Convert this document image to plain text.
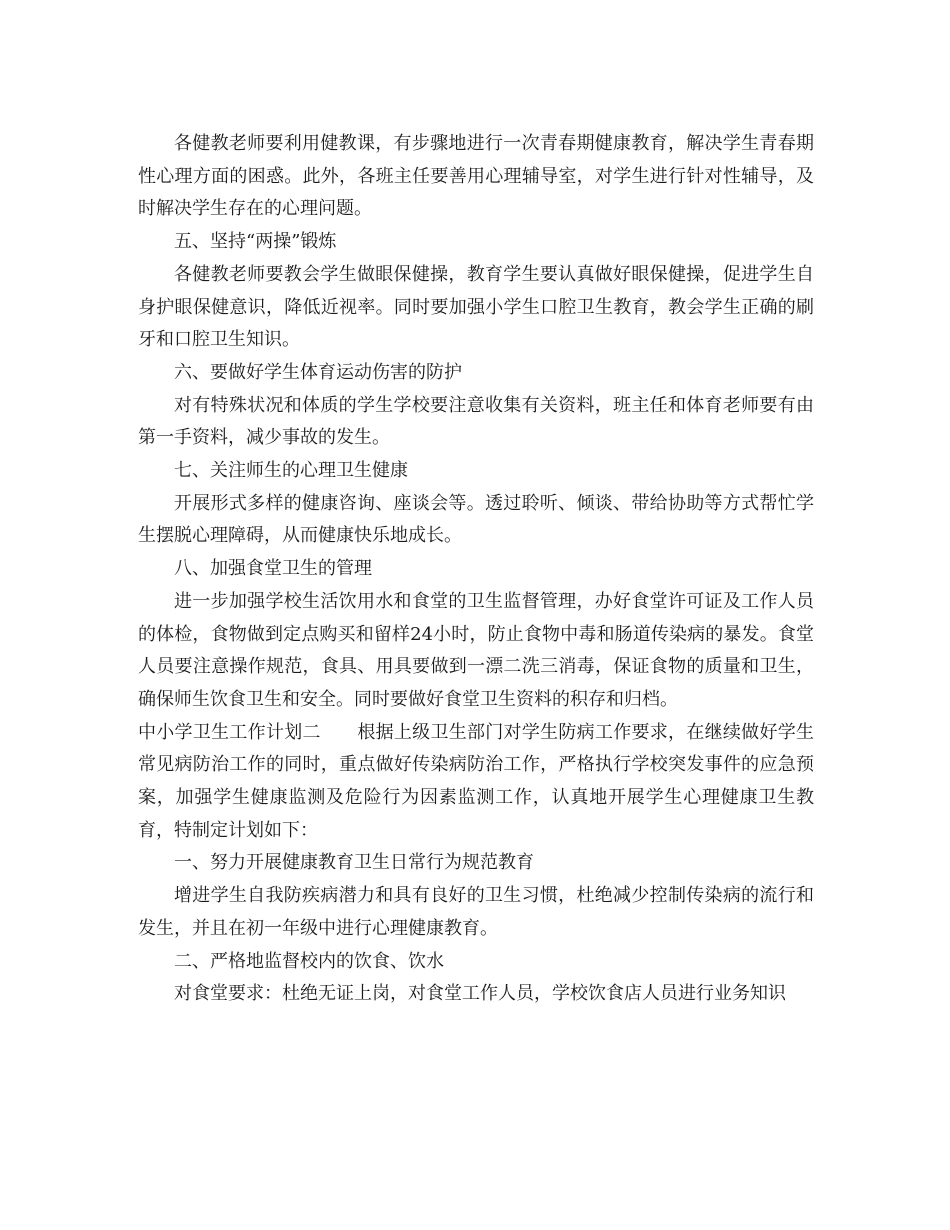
各健教老师要利用健教课，有步骤地进行一次青春期健康教育，解决学生青春期性心理方面的困惑。此外，各班主任要善用心理辅导室，对学生进行针对性辅导，及时解决学生存在的心理问题。

五、坚持“两操”锻炼

各健教老师要教会学生做眼保健操，教育学生要认真做好眼保健操，促进学生自身护眼保健意识，降低近视率。同时要加强小学生口腔卫生教育，教会学生正确的刷牙和口腔卫生知识。

六、要做好学生体育运动伤害的防护

对有特殊状况和体质的学生学校要注意收集有关资料，班主任和体育老师要有由第一手资料，减少事故的发生。

七、关注师生的心理卫生健康

开展形式多样的健康咨询、座谈会等。透过聆听、倾谈、带给协助等方式帮忙学生摆脱心理障碍，从而健康快乐地成长。

八、加强食堂卫生的管理

进一步加强学校生活饮用水和食堂的卫生监督管理，办好食堂许可证及工作人员的体检，食物做到定点购买和留样24小时，防止食物中毒和肠道传染病的暴发。食堂人员要注意操作规范，食具、用具要做到一漂二洗三消毒，保证食物的质量和卫生，确保师生饮食卫生和安全。同时要做好食堂卫生资料的积存和归档。

中小学卫生工作计划二　　根据上级卫生部门对学生防病工作要求，在继续做好学生常见病防治工作的同时，重点做好传染病防治工作，严格执行学校突发事件的应急预案，加强学生健康监测及危险行为因素监测工作，认真地开展学生心理健康卫生教育，特制定计划如下：

一、努力开展健康教育卫生日常行为规范教育

增进学生自我防疾病潜力和具有良好的卫生习惯，杜绝减少控制传染病的流行和发生，并且在初一年级中进行心理健康教育。

二、严格地监督校内的饮食、饮水

对食堂要求：杜绝无证上岗，对食堂工作人员，学校饮食店人员进行业务知识
